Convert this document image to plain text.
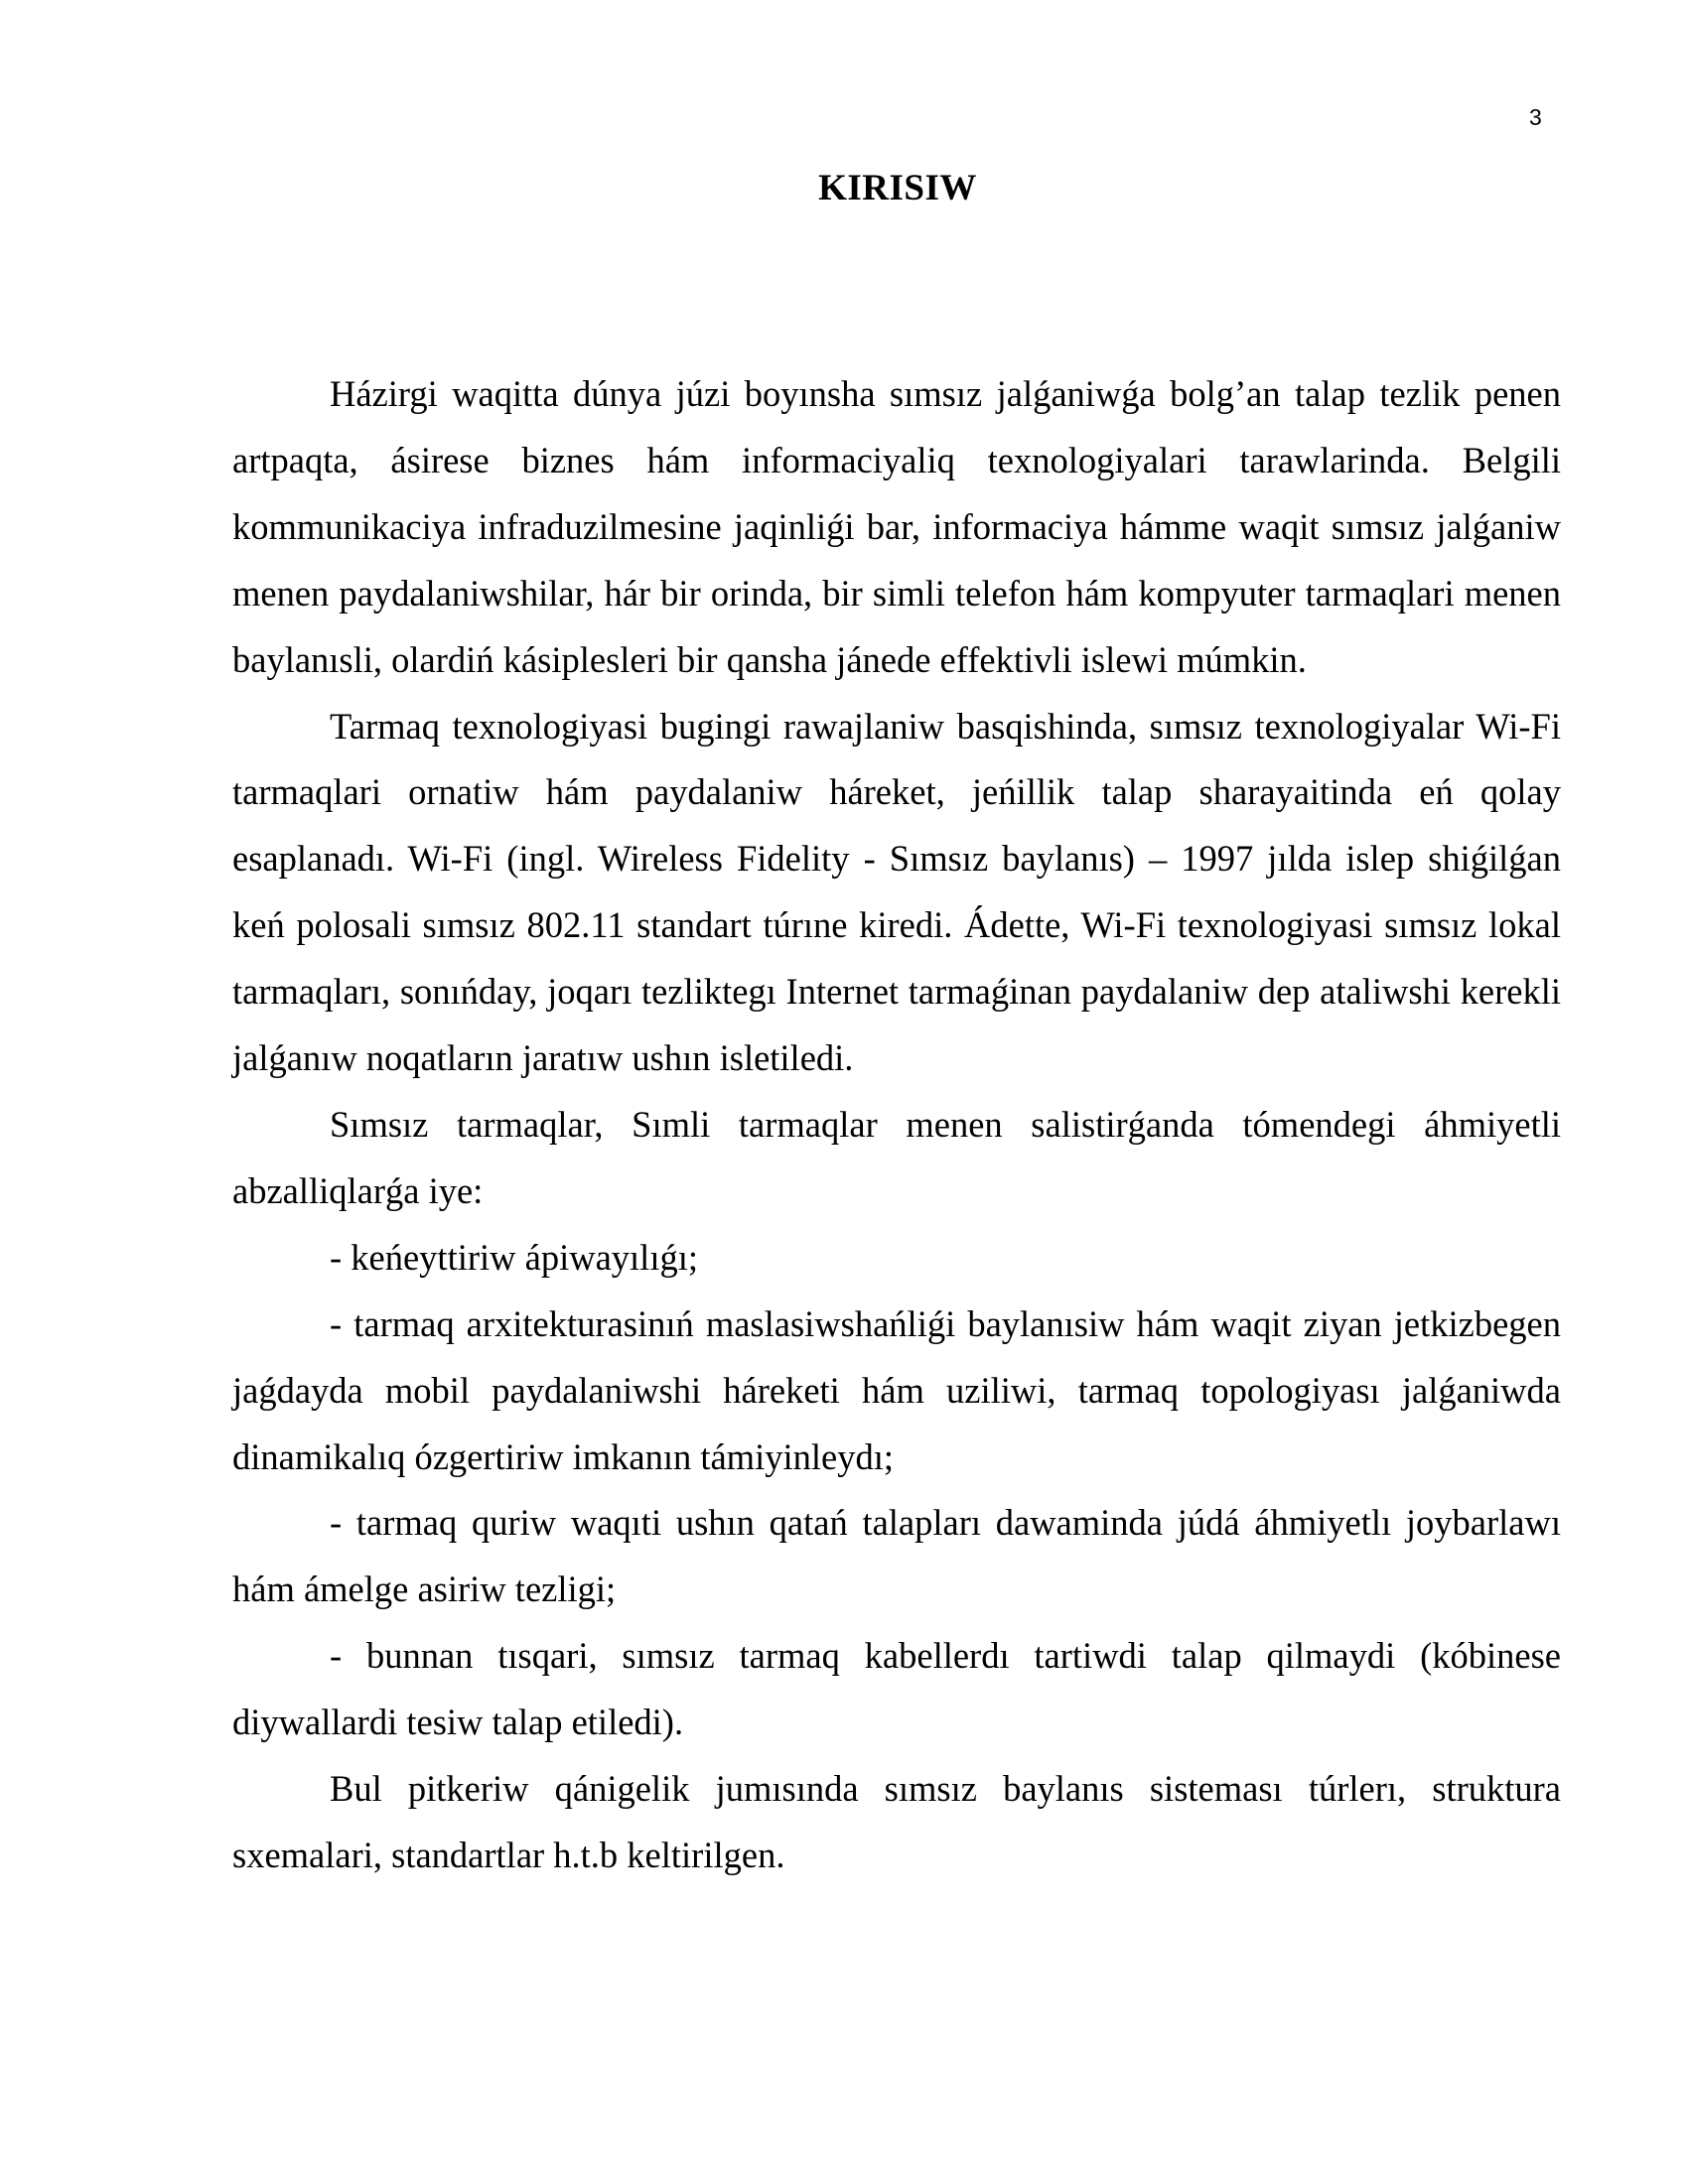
3
KIRISIW

Házirgi waqitta dúnya júzi boyınsha sımsız jalǵaniwǵa bolg’an talap tezlik penen artpaqta, ásirese biznes hám informaciyaliq texnologiyalari tarawlarinda. Belgili kommunikaciya infraduzilmesine jaqinliǵi bar, informaciya hámme waqit sımsız jalǵaniw menen paydalaniwshilar, hár bir orinda, bir simli telefon hám kompyuter tarmaqlari menen baylanısli, olardiń kásiplesleri bir qansha jánede effektivli islewi múmkin.

Tarmaq texnologiyasi bugingi rawajlaniw basqishinda, sımsız texnologiyalar Wi-Fi tarmaqlari ornatiw hám paydalaniw háreket, jeńillik talap sharayaitinda eń qolay esaplanadı. Wi-Fi (ingl. Wireless Fidelity - Sımsız baylanıs) – 1997 jılda islep shiǵilǵan keń polosali sımsız 802.11 standart túrıne kiredi. Ádette, Wi-Fi texnologiyasi sımsız lokal tarmaqları, sonıńday, joqarı tezliktegı Internet tarmaǵinan paydalaniw dep ataliwshi kerekli jalǵanıw noqatların jaratıw ushın isletiledi.

Sımsız tarmaqlar, Sımli tarmaqlar menen salistirǵanda tómendegi áhmiyetli abzalliqlarǵa iye:

- keńeyttiriw ápiwayılıǵı;

- tarmaq arxitekturasinıń maslasiwshańliǵi baylanısiw hám waqit ziyan jetkizbegen jaǵdayda mobil paydalaniwshi háreketi hám uziliwi, tarmaq topologiyası jalǵaniwda dinamikalıq ózgertiriw imkanın támiyinleydı;

- tarmaq quriw waqıti ushın qatań talapları dawaminda júdá áhmiyetlı joybarlawı hám ámelge asiriw tezligi;

- bunnan tısqari, sımsız tarmaq kabellerdı tartiwdi talap qilmaydi (kóbinese diywallardi tesiw talap etiledi).

Bul pitkeriw qánigelik jumısında sımsız baylanıs sisteması túrlerı, struktura sxemalari, standartlar h.t.b keltirilgen.
